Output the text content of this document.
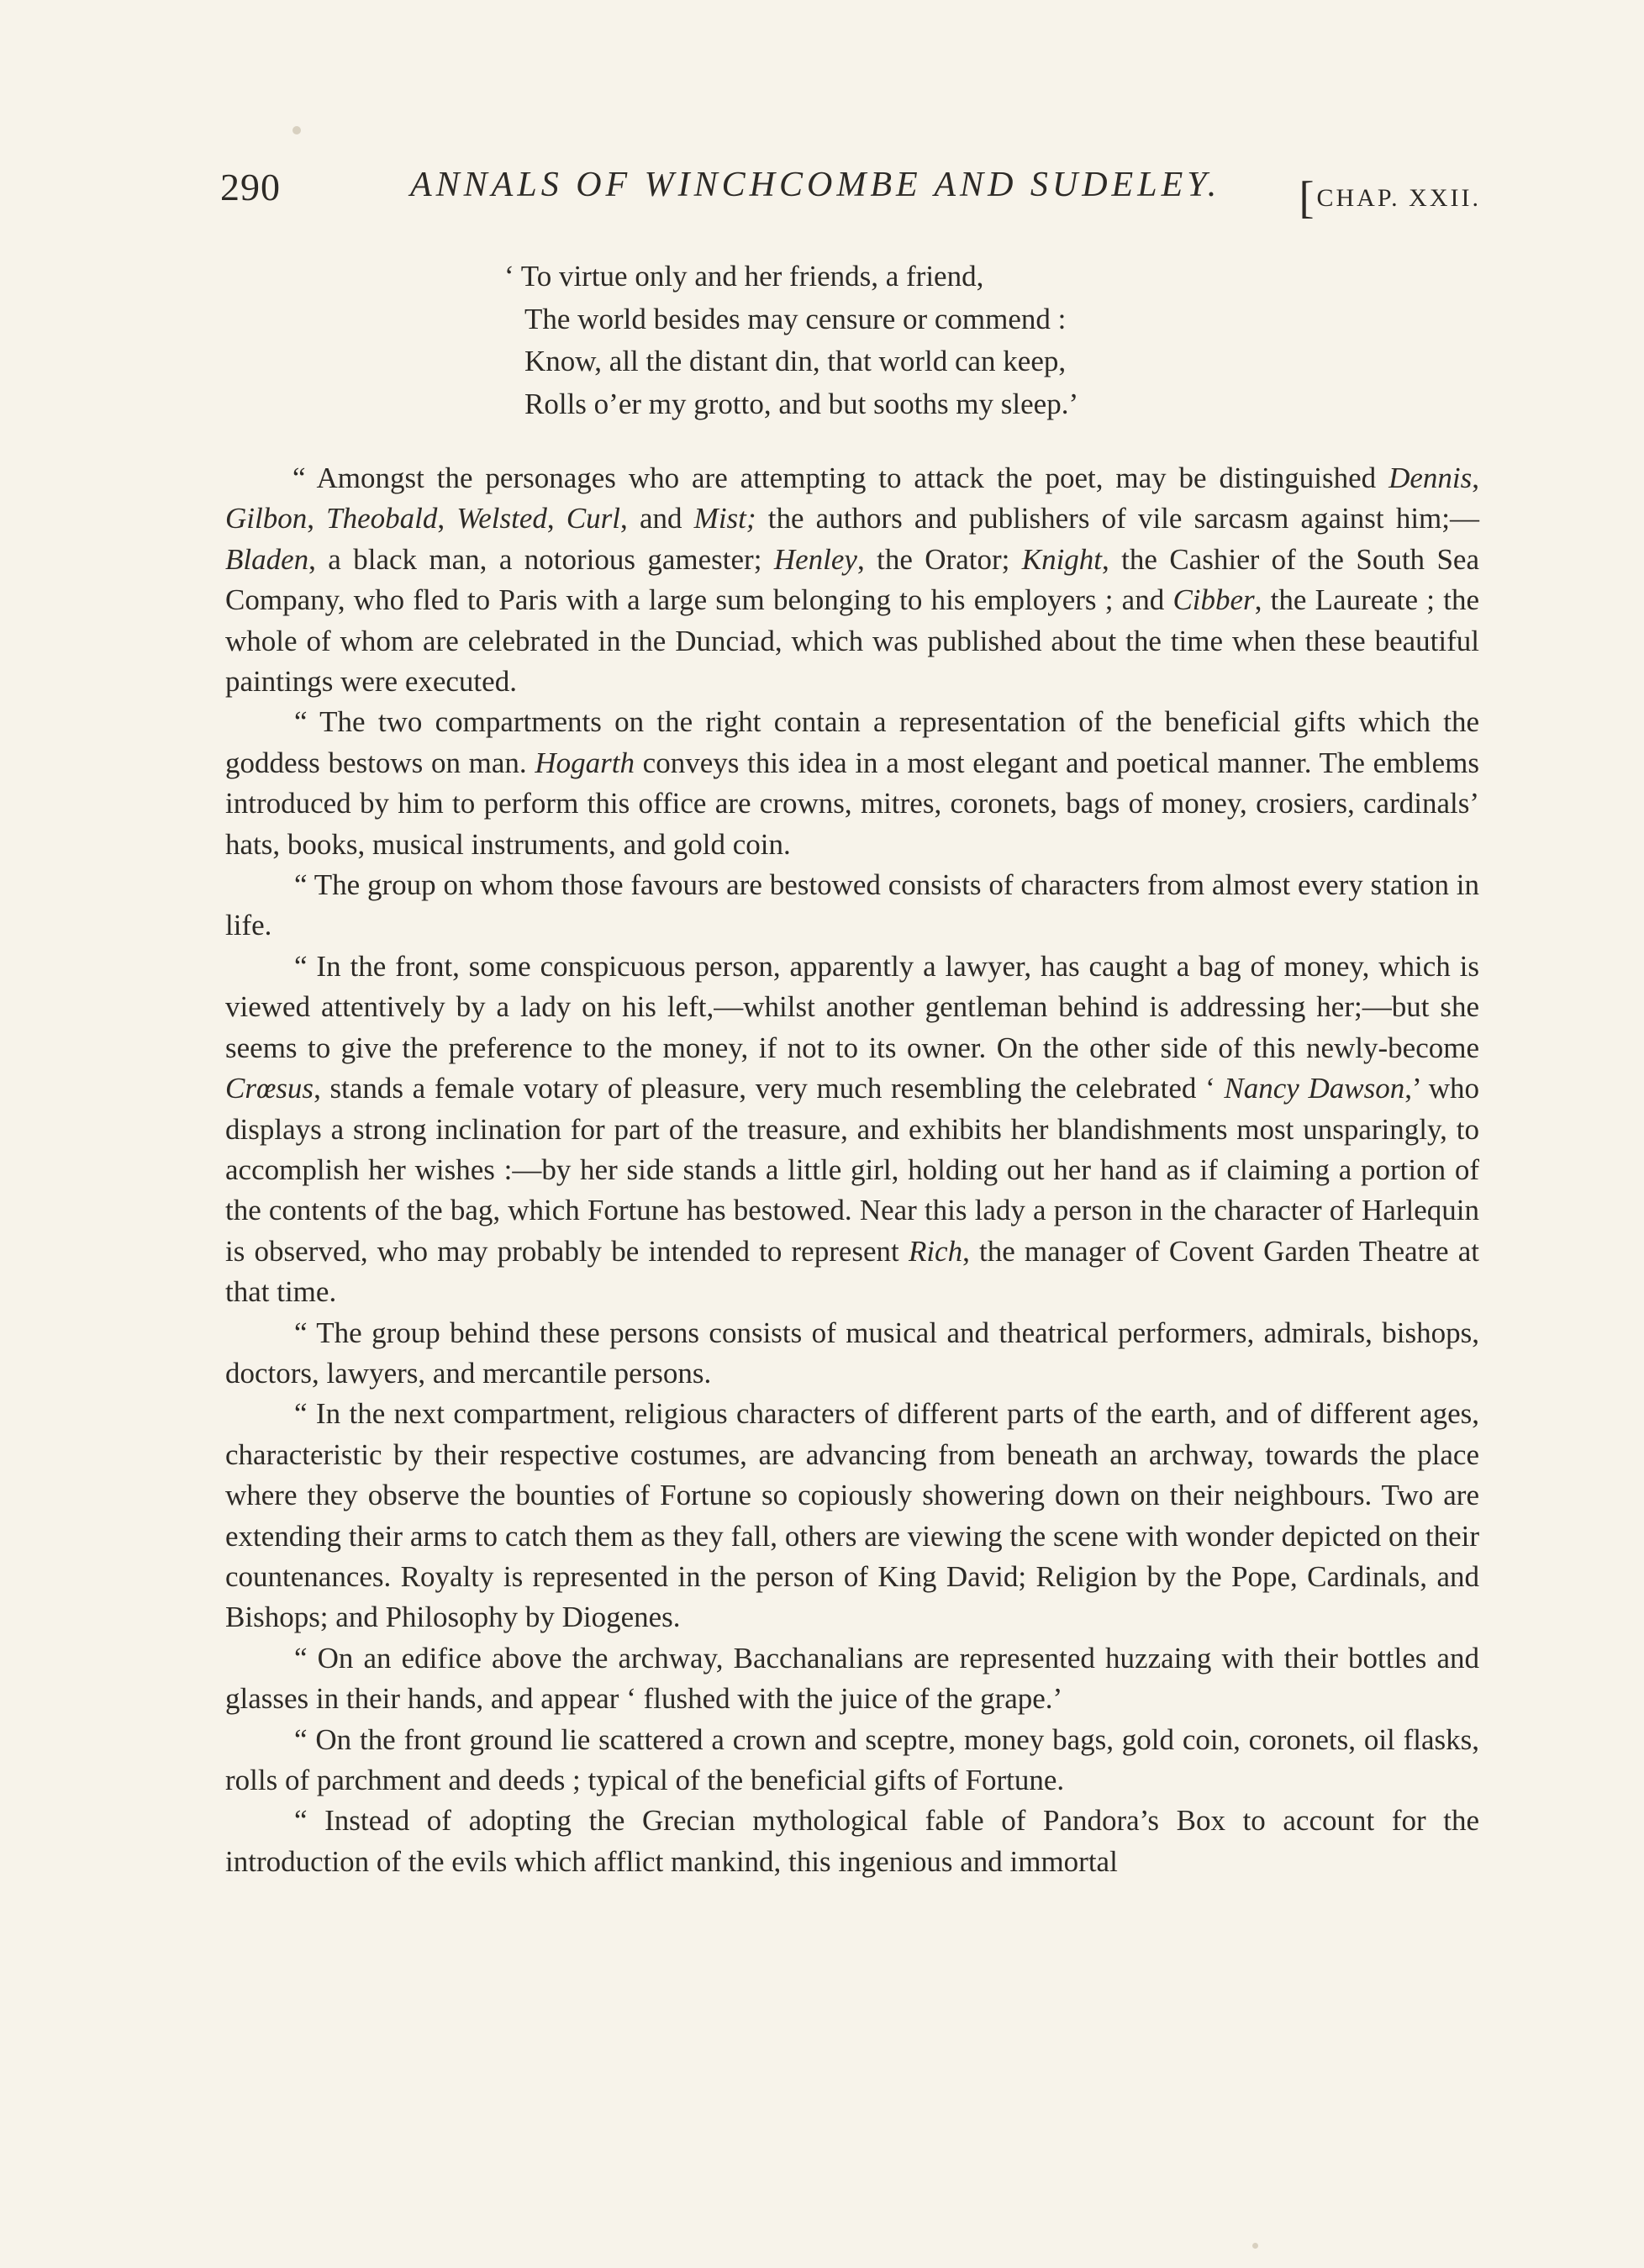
290	ANNALS OF WINCHCOMBE AND SUDELEY. [CHAP. XXII.
‘ To virtue only and her friends, a friend,
The world besides may censure or commend :
Know, all the distant din, that world can keep,
Rolls o’er my grotto, and but sooths my sleep.’

“ Amongst the personages who are attempting to attack the poet, may be distinguished Dennis, Gilbon, Theobald, Welsted, Curl, and Mist; the authors and publishers of vile sarcasm against him;—Bladen, a black man, a notorious gamester; Henley, the Orator; Knight, the Cashier of the South Sea Company, who fled to Paris with a large sum belonging to his employers ; and Cibber, the Laureate ; the whole of whom are celebrated in the Dunciad, which was published about the time when these beautiful paintings were executed.

“ The two compartments on the right contain a representation of the beneficial gifts which the goddess bestows on man. Hogarth conveys this idea in a most elegant and poetical manner. The emblems introduced by him to perform this office are crowns, mitres, coronets, bags of money, crosiers, cardinals’ hats, books, musical instruments, and gold coin.

“ The group on whom those favours are bestowed consists of characters from almost every station in life.

“ In the front, some conspicuous person, apparently a lawyer, has caught a bag of money, which is viewed attentively by a lady on his left,—whilst another gentleman behind is addressing her;—but she seems to give the preference to the money, if not to its owner. On the other side of this newly-become Crœsus, stands a female votary of pleasure, very much resembling the celebrated ‘ Nancy Dawson,’ who displays a strong inclination for part of the treasure, and exhibits her blandishments most unsparingly, to accomplish her wishes :—by her side stands a little girl, holding out her hand as if claiming a portion of the contents of the bag, which Fortune has bestowed. Near this lady a person in the character of Harlequin is observed, who may probably be intended to represent Rich, the manager of Covent Garden Theatre at that time.

“ The group behind these persons consists of musical and theatrical performers, admirals, bishops, doctors, lawyers, and mercantile persons.

“ In the next compartment, religious characters of different parts of the earth, and of different ages, characteristic by their respective costumes, are advancing from beneath an archway, towards the place where they observe the bounties of Fortune so copiously showering down on their neighbours. Two are extending their arms to catch them as they fall, others are viewing the scene with wonder depicted on their countenances. Royalty is represented in the person of King David; Religion by the Pope, Cardinals, and Bishops; and Philosophy by Diogenes.

“ On an edifice above the archway, Bacchanalians are represented huzzaing with their bottles and glasses in their hands, and appear ‘ flushed with the juice of the grape.’

“ On the front ground lie scattered a crown and sceptre, money bags, gold coin, coronets, oil flasks, rolls of parchment and deeds ; typical of the beneficial gifts of Fortune.

“ Instead of adopting the Grecian mythological fable of Pandora’s Box to account for the introduction of the evils which afflict mankind, this ingenious and immortal
